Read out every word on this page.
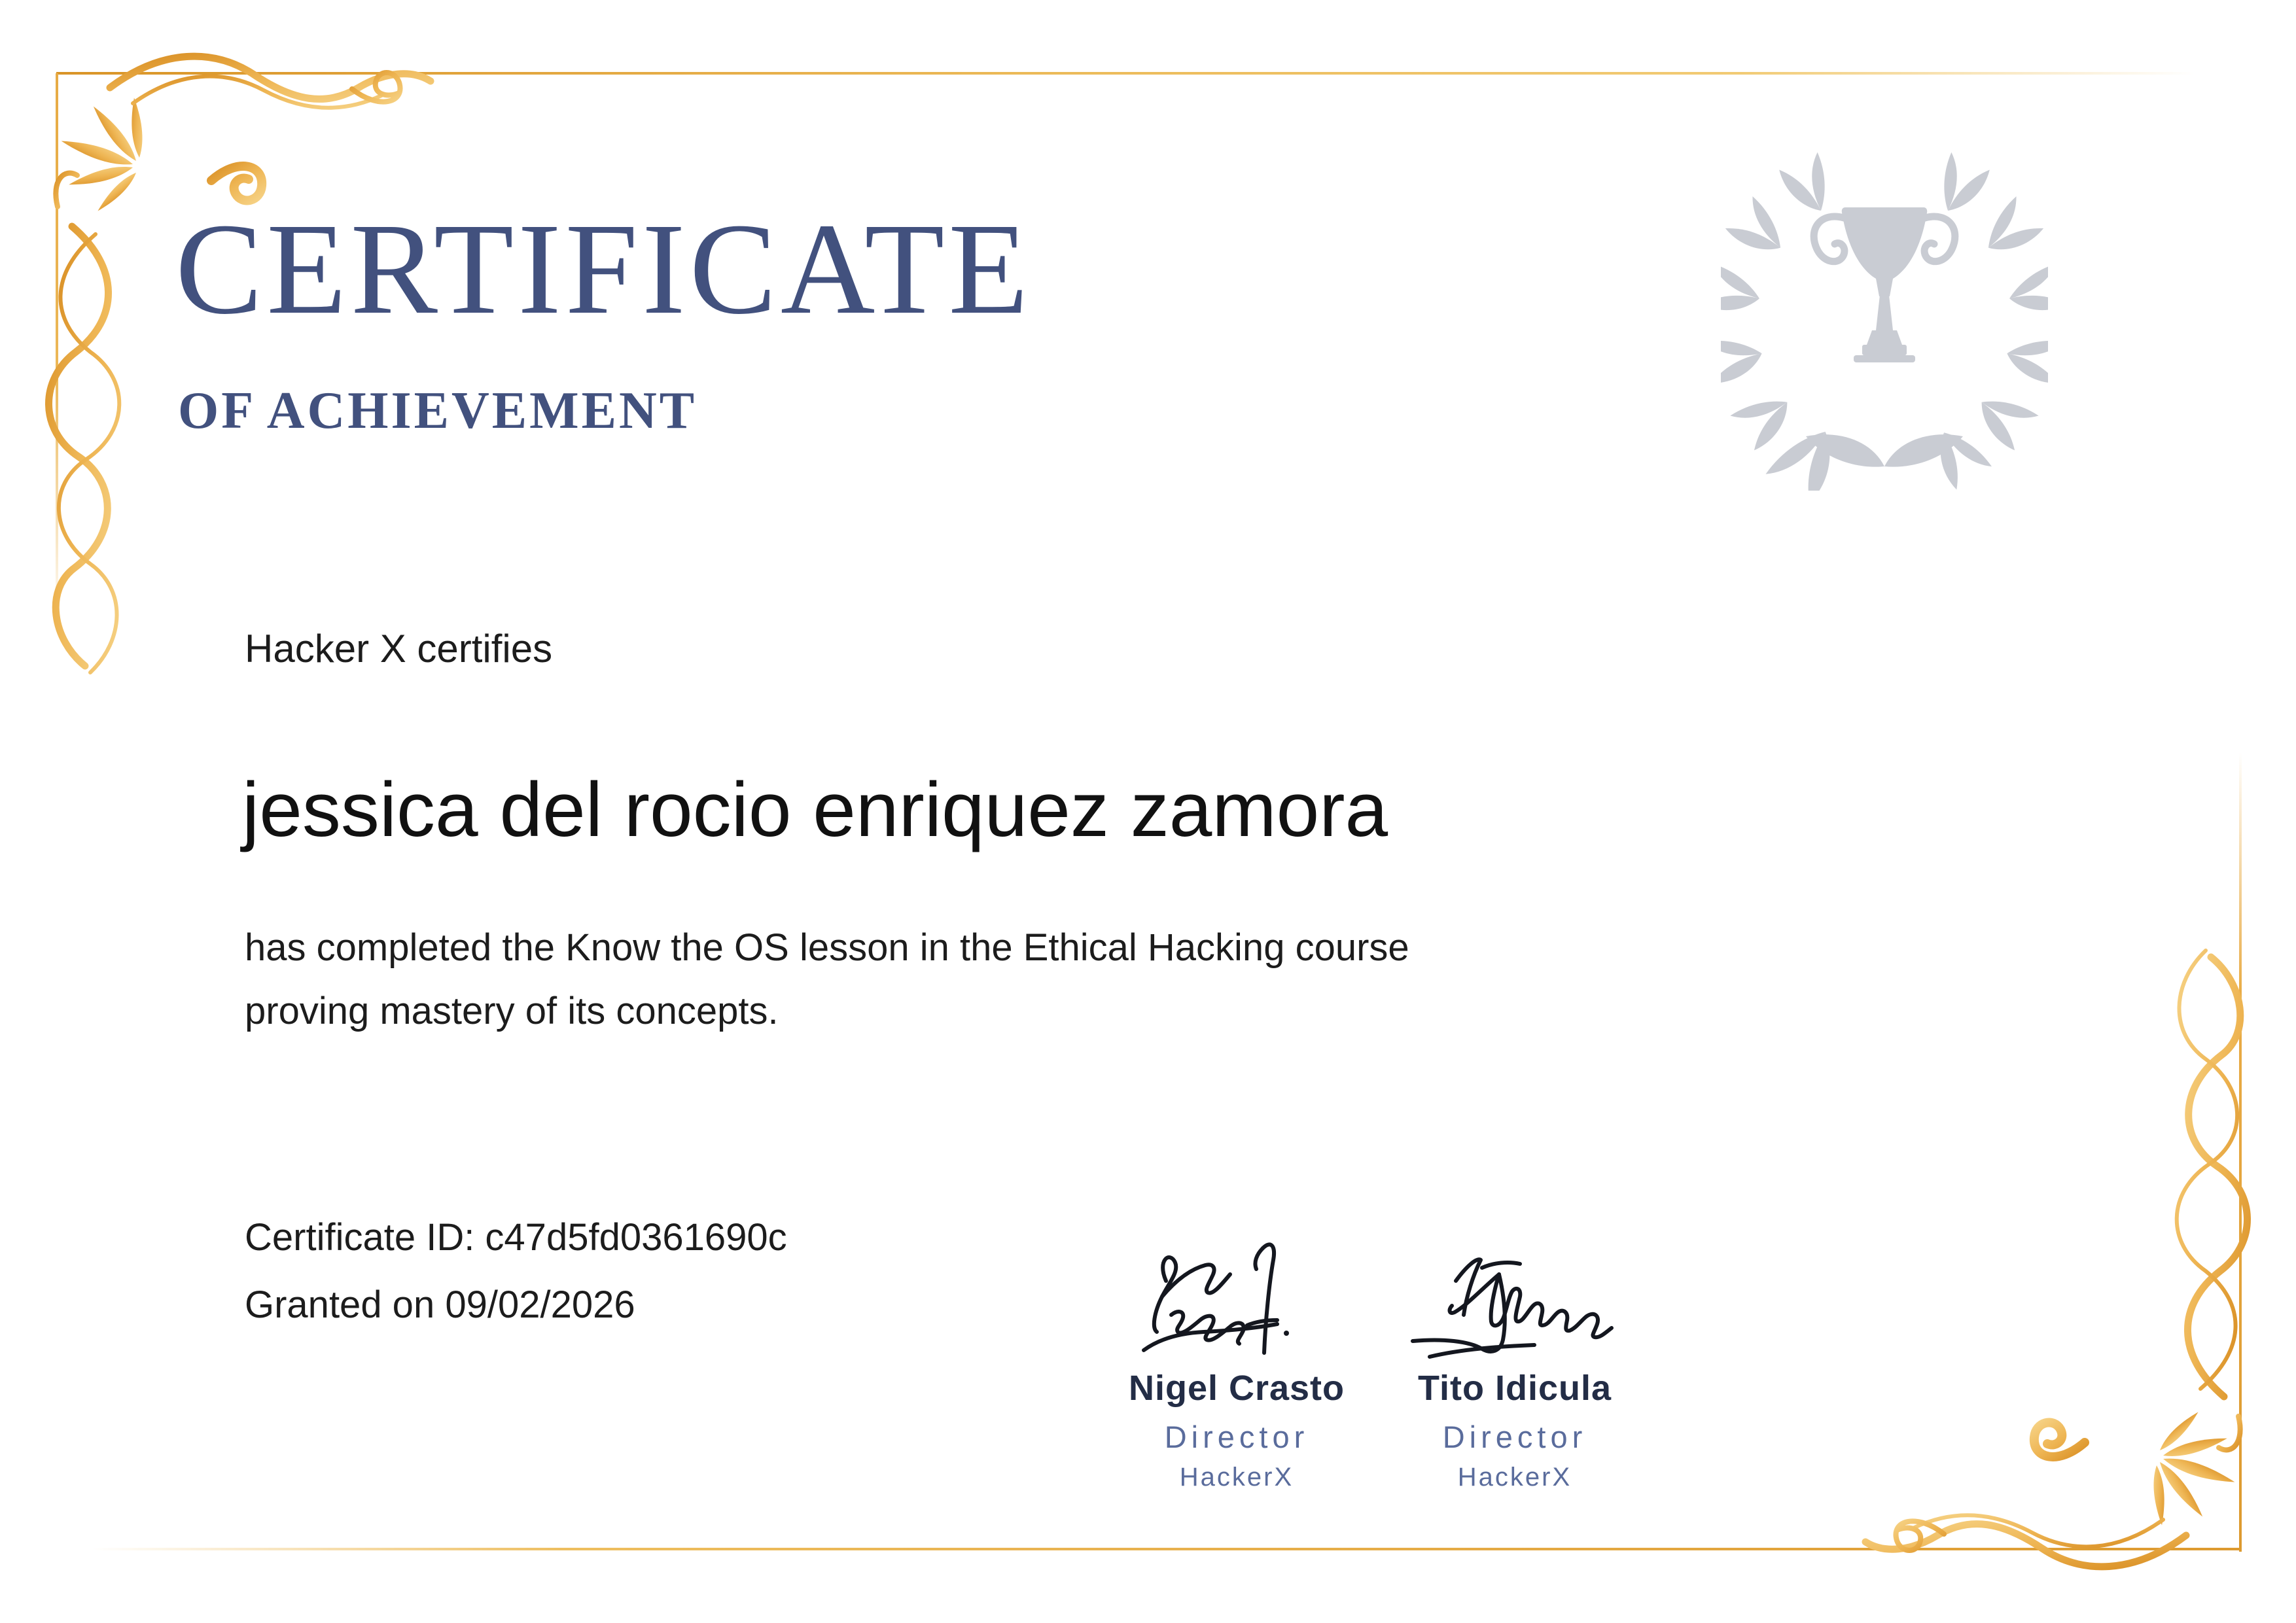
CERTIFICATE
OF ACHIEVEMENT
Hacker X certifies
jessica del rocio enriquez zamora
has completed the Know the OS lesson in the Ethical Hacking course
proving mastery of its concepts.
Certificate ID: c47d5fd0361690c
Granted on 09/02/2026
Nigel Crasto
Director
HackerX
Tito Idicula
Director
HackerX
